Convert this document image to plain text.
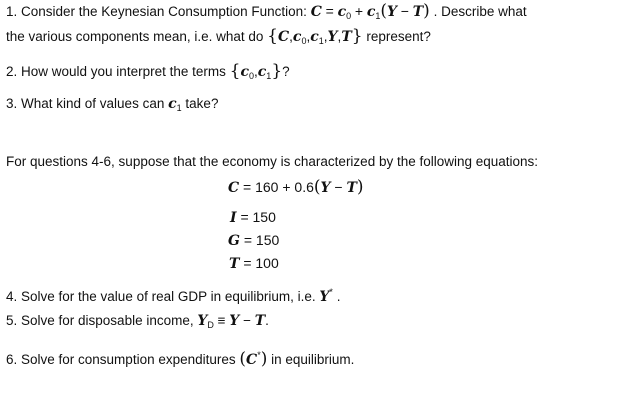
1. Consider the Keynesian Consumption Function: $C = c_0 + c_1(Y - T)$ . Describe what
the various components mean, i.e. what do $\{C,c_0,c_1,Y,T\}$ represent?
2. How would you interpret the terms $\{c_0,c_1\}$?
3. What kind of values can $c_1$ take?
For questions 4-6, suppose that the economy is characterized by the following equations:
C = 160 + 0.6(Y − T)
I = 150
G = 150
T = 100
4. Solve for the value of real GDP in equilibrium, i.e. Y* .
5. Solve for disposable income, $Y_D \equiv Y - T$.
6. Solve for consumption expenditures (C*) in equilibrium.
